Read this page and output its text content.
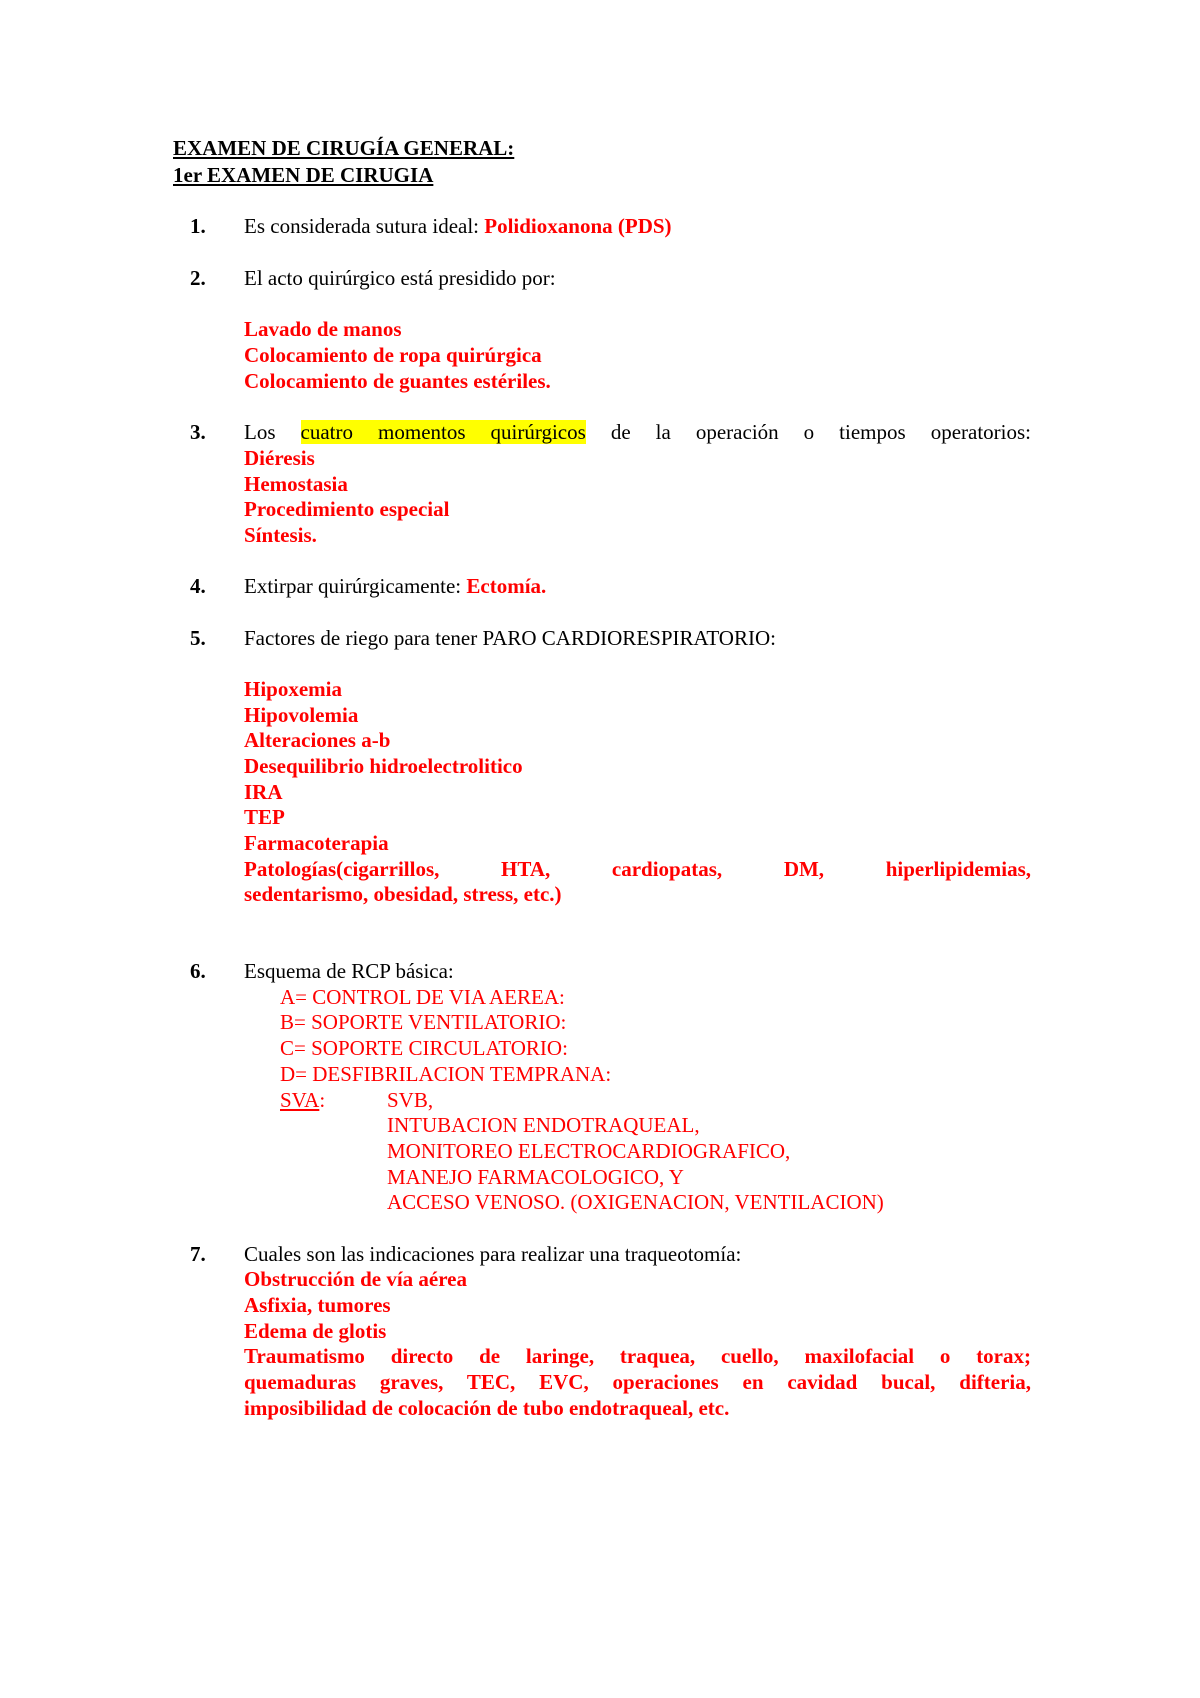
EXAMEN DE CIRUGÍA GENERAL:
1er EXAMEN DE CIRUGIA
1. Es considerada sutura ideal: Polidioxanona (PDS)
2. El acto quirúrgico está presidido por:
Lavado de manos
Colocamiento de ropa quirúrgica
Colocamiento de guantes estériles.
3. Los cuatro momentos quirúrgicos de la operación o tiempos operatorios:
Diéresis
Hemostasia
Procedimiento especial
Síntesis.
4. Extirpar quirúrgicamente: Ectomía.
5. Factores de riego para tener PARO CARDIORESPIRATORIO:
Hipoxemia
Hipovolemia
Alteraciones a-b
Desequilibrio hidroelectrolitico
IRA
TEP
Farmacoterapia
Patologías(cigarrillos, HTA, cardiopatas, DM, hiperlipidemias,
sedentarismo, obesidad, stress, etc.)
6. Esquema de RCP básica:
A= CONTROL DE VIA AEREA:
B= SOPORTE VENTILATORIO:
C= SOPORTE CIRCULATORIO:
D= DESFIBRILACION TEMPRANA:
SVA:	SVB,
INTUBACION ENDOTRAQUEAL,
MONITOREO ELECTROCARDIOGRAFICO,
MANEJO FARMACOLOGICO, Y
ACCESO VENOSO. (OXIGENACION, VENTILACION)
7. Cuales son las indicaciones para realizar una traqueotomía:
Obstrucción de vía aérea
Asfixia, tumores
Edema de glotis
Traumatismo directo de laringe, traquea, cuello, maxilofacial o torax;
quemaduras graves, TEC, EVC, operaciones en cavidad bucal, difteria,
imposibilidad de colocación de tubo endotraqueal, etc.
